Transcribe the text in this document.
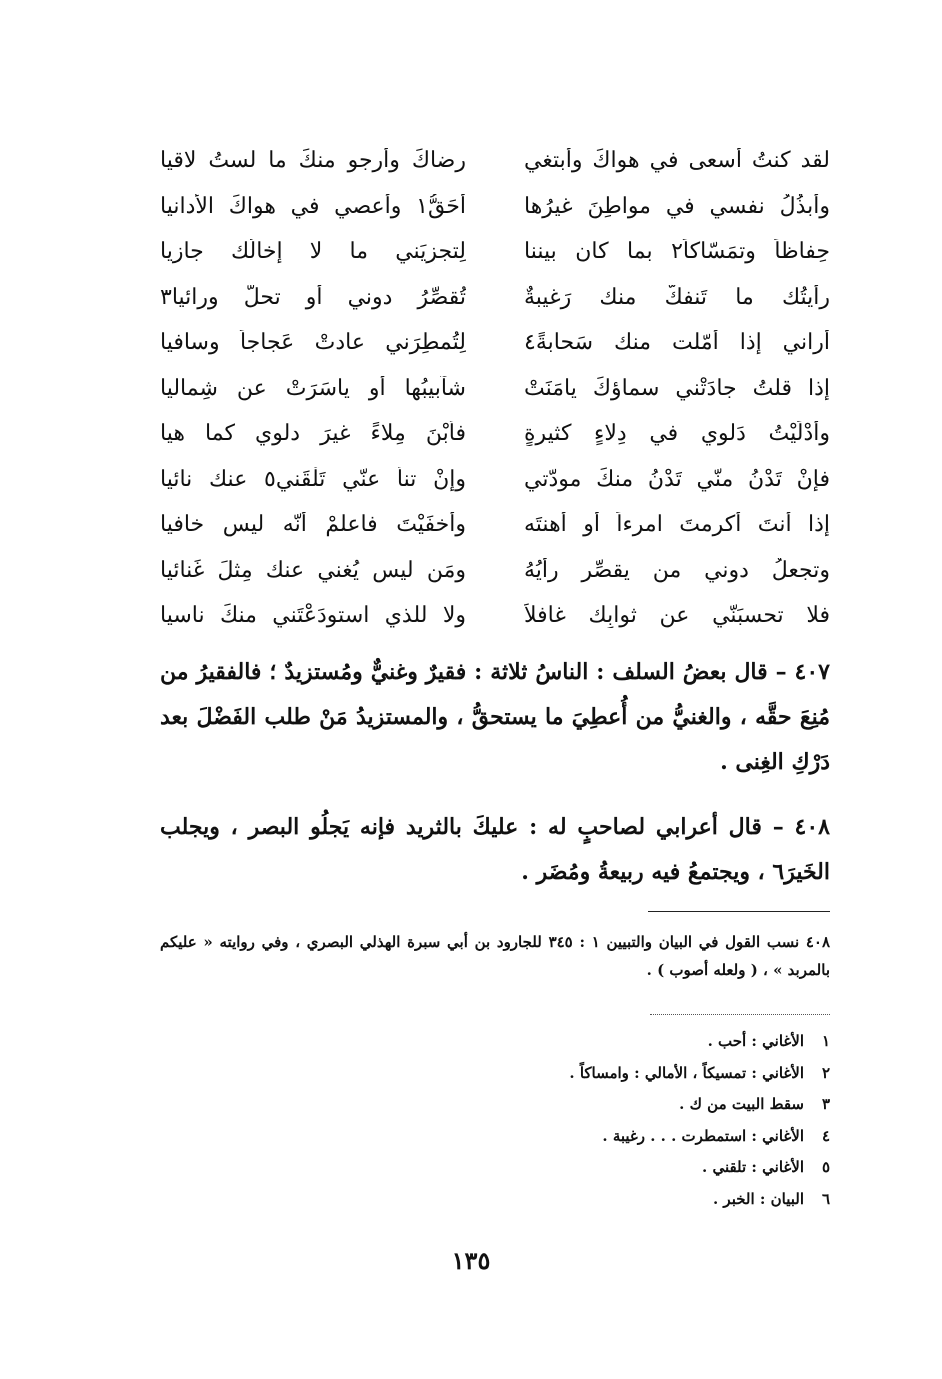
لقد كنتُ أسعى في هواكَ وأبتغي
رضاكَ وأرجو منكَ ما لستُ لاقيا
وأبذُلُ نفسي في مواطِنَ غيرُها
أحَقُّ١ وأعصي في هواكَ الأدانيا
حِفاظاً وتمَسّاكاً٢ بما كان بيننا
لِتجزِيَني ما لا إخالُك جازيا
رأيتُك ما تَنفكُّ منك رَغيبةٌ
تُقصِّرُ دوني أو تحلّ ورائيا٣
أراني إذا أمّلت منك سَحابةً٤
لِتُمطِرَني عادتْ عَجاجاً وسافيا
إذا قلتُ جادَتْني سماؤكَ يامَنَتْ
شآبيبُها أو ياسَرَتْ عن شِماليا
وأدْلَيْتُ دَلوي في دِلاءٍ كثيرةٍ
فأُبْنَ مِلاءً غيرَ دلوي كما هيا
فإنْ تَدْنُ منّي تَدْنُ منكَ مودّتي
وإنْ تنأَ عنّي تَلْقَني٥ عنك نائيا
إذا أنتَ أكرمتَ امرءاً أو أهنتَه
وأخفَيْتَ فاعلمْ أنّه ليس خافيا
وتجعلُ دوني من يقصِّر رأيُهُ
ومَن ليس يُغني عنك مِثلَ غَنائيا
فلا تحسبَنّي عن ثوابِك غافلاً
ولا للذي استودَعْتَني منكَ ناسيا

٤٠٧ – قال بعضُ السلف : الناسُ ثلاثة : فقيرٌ وغنيٌّ ومُستزيدٌ ؛ فالفقيرُ من مُنِعَ حقَّه ، والغنيُّ من أُعطِيَ ما يستحقُّ ، والمستزيدُ مَنْ طلب الفَضْلَ بعد دَرْكِ الغِنى .

٤٠٨ – قال أعرابي لصاحبٍ له : عليكَ بالثريد فإنه يَجلُو البصر ، ويجلب الخَيرَ٦ ، ويجتمعُ فيه ربيعةُ ومُضَر .

٤٠٨ نسب القول في البيان والتبيين ١ : ٣٤٥ للجارود بن أبي سبرة الهذلي البصري ، وفي روايته « عليكم بالمربد » ، ( ولعله أصوب ) .

١الأغاني : أحب .
٢الأغاني : تمسيكاً ، الأمالي : وامساكاً .
٣سقط البيت من ك .
٤الأغاني : استمطرت . . . رغيبة .
٥الأغاني : تلقني .
٦البيان : الخبر .
١٣٥
